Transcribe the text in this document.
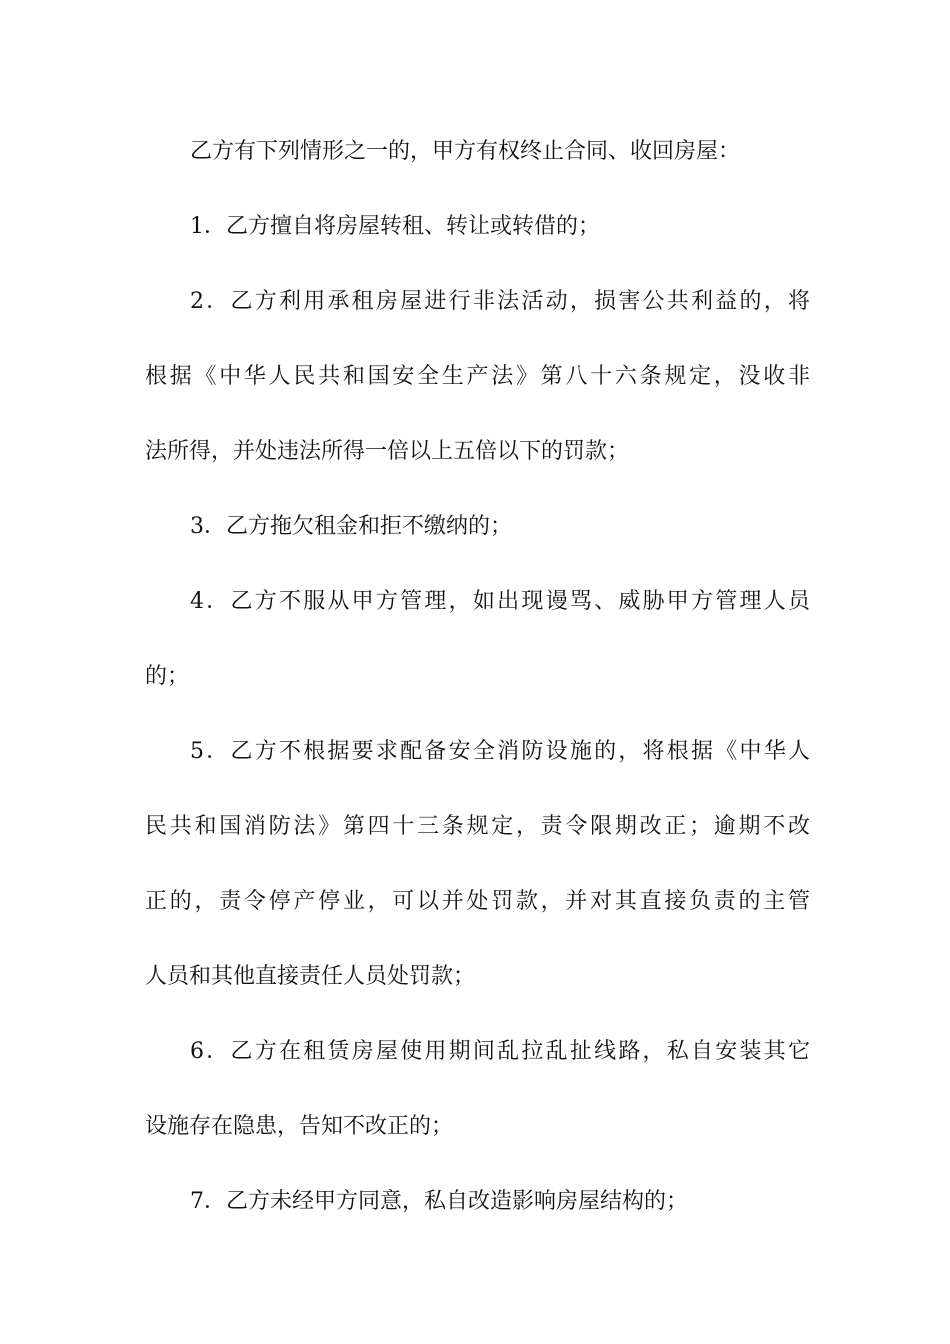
乙方有下列情形之一的，甲方有权终止合同、收回房屋：
1．乙方擅自将房屋转租、转让或转借的；
2．乙方利用承租房屋进行非法活动，损害公共利益的，将
根据《中华人民共和国安全生产法》第八十六条规定，没收非
法所得，并处违法所得一倍以上五倍以下的罚款；
3．乙方拖欠租金和拒不缴纳的；
4．乙方不服从甲方管理，如出现谩骂、威胁甲方管理人员
的；
5．乙方不根据要求配备安全消防设施的，将根据《中华人
民共和国消防法》第四十三条规定，责令限期改正；逾期不改
正的，责令停产停业，可以并处罚款，并对其直接负责的主管
人员和其他直接责任人员处罚款；
6．乙方在租赁房屋使用期间乱拉乱扯线路，私自安装其它
设施存在隐患，告知不改正的；
7．乙方未经甲方同意，私自改造影响房屋结构的；
